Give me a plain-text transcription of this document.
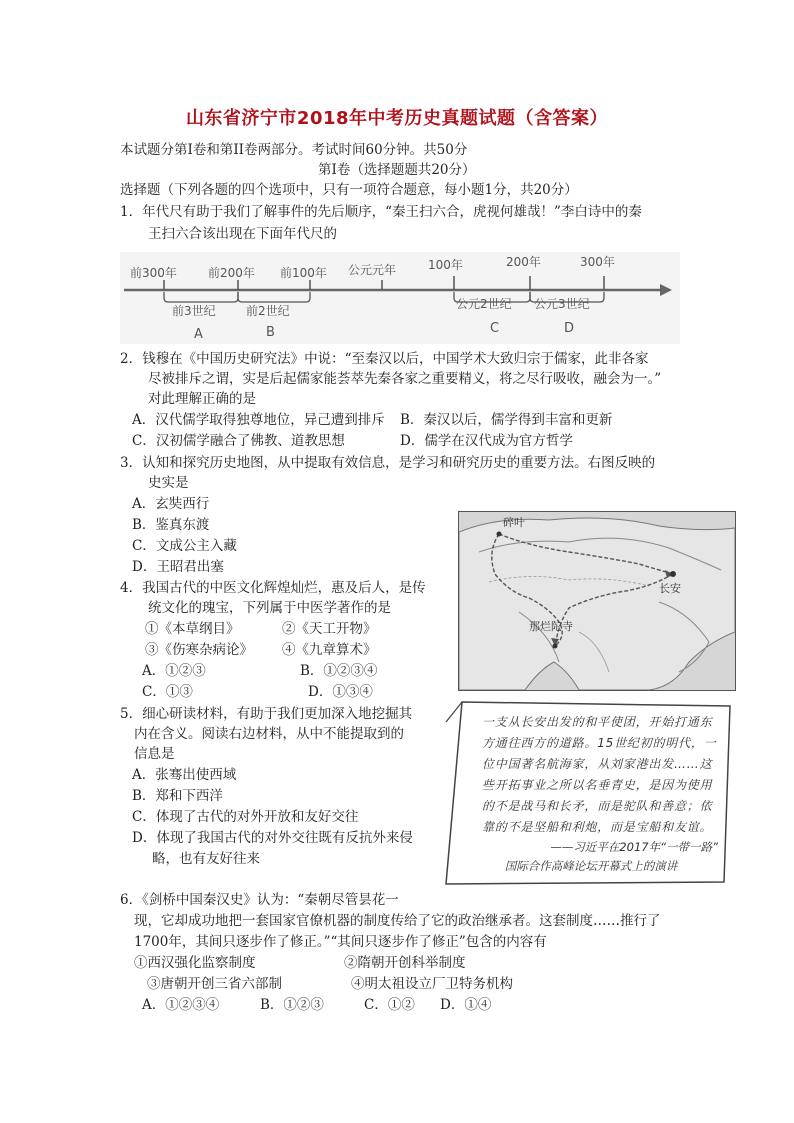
山东省济宁市2018年中考历史真题试题（含答案）
本试题分第Ⅰ卷和第II卷两部分。考试时间60分钟。共50分
第Ⅰ卷（选择题题共20分）
选择题（下列各题的四个选项中，只有一项符合题意，每小题1分，共20分）
1．年代尺有助于我们了解事件的先后顺序，“秦王扫六合，虎视何雄哉！”李白诗中的秦
王扫六合该出现在下面年代尺的
前300年	前200年 前100年 公元元年	100年	200年	300年
前3世纪	前2世纪	公元2世纪 公元3世纪
A	B	C	D
2．钱穆在《中国历史研究法》中说：“至秦汉以后，中国学术大致归宗于儒家，此非各家
尽被排斥之谓，实是后起儒家能荟萃先秦各家之重要精义，将之尽行吸收，融会为一。”
对此理解正确的是
A．汉代儒学取得独尊地位，异己遭到排斥 B．秦汉以后，儒学得到丰富和更新
C．汉初儒学融合了佛教、道教思想	D．儒学在汉代成为官方哲学
3．认知和探究历史地图，从中提取有效信息，是学习和研究历史的重要方法。右图反映的
史实是
A．玄奘西行
B．鉴真东渡
C．文成公主入藏
D．王昭君出塞
碎叶
长安
那烂陀寺
4．我国古代的中医文化辉煌灿烂，惠及后人，是传
统文化的瑰宝，下列属于中医学著作的是
①《本草纲目》	②《天工开物》
③《伤寒杂病论》 ④《九章算术》
A．①②③	B．①②③④
C．①③	D．①③④
5．细心研读材料，有助于我们更加深入地挖掘其
内在含义。阅读右边材料，从中不能提取到的
信息是
A．张骞出使西域
B．郑和下西洋
C．体现了古代的对外开放和友好交往
D．体现了我国古代的对外交往既有反抗外来侵
略，也有友好往来
一支从长安出发的和平使团，开始打通东方通往西方的道路。15世纪初的明代，一位中国著名航海家，从刘家港出发……这些开拓事业之所以名垂青史，是因为使用的不是战马和长矛，而是驼队和善意；依靠的不是坚船和利炮，而是宝船和友谊。
——习近平在2017年“一带一路”
国际合作高峰论坛开幕式上的演讲
6．《剑桥中国秦汉史》认为：“秦朝尽管昙花一
现，它却成功地把一套国家官僚机器的制度传给了它的政治继承者。这套制度……推行了
1700年，其间只逐步作了修正。”“其间只逐步作了修正”包含的内容有
①西汉强化监察制度	②隋朝开创科举制度
③唐朝开创三省六部制	④明太祖设立厂卫特务机构
A．①②③④	B．①②③	C．①② D．①④
